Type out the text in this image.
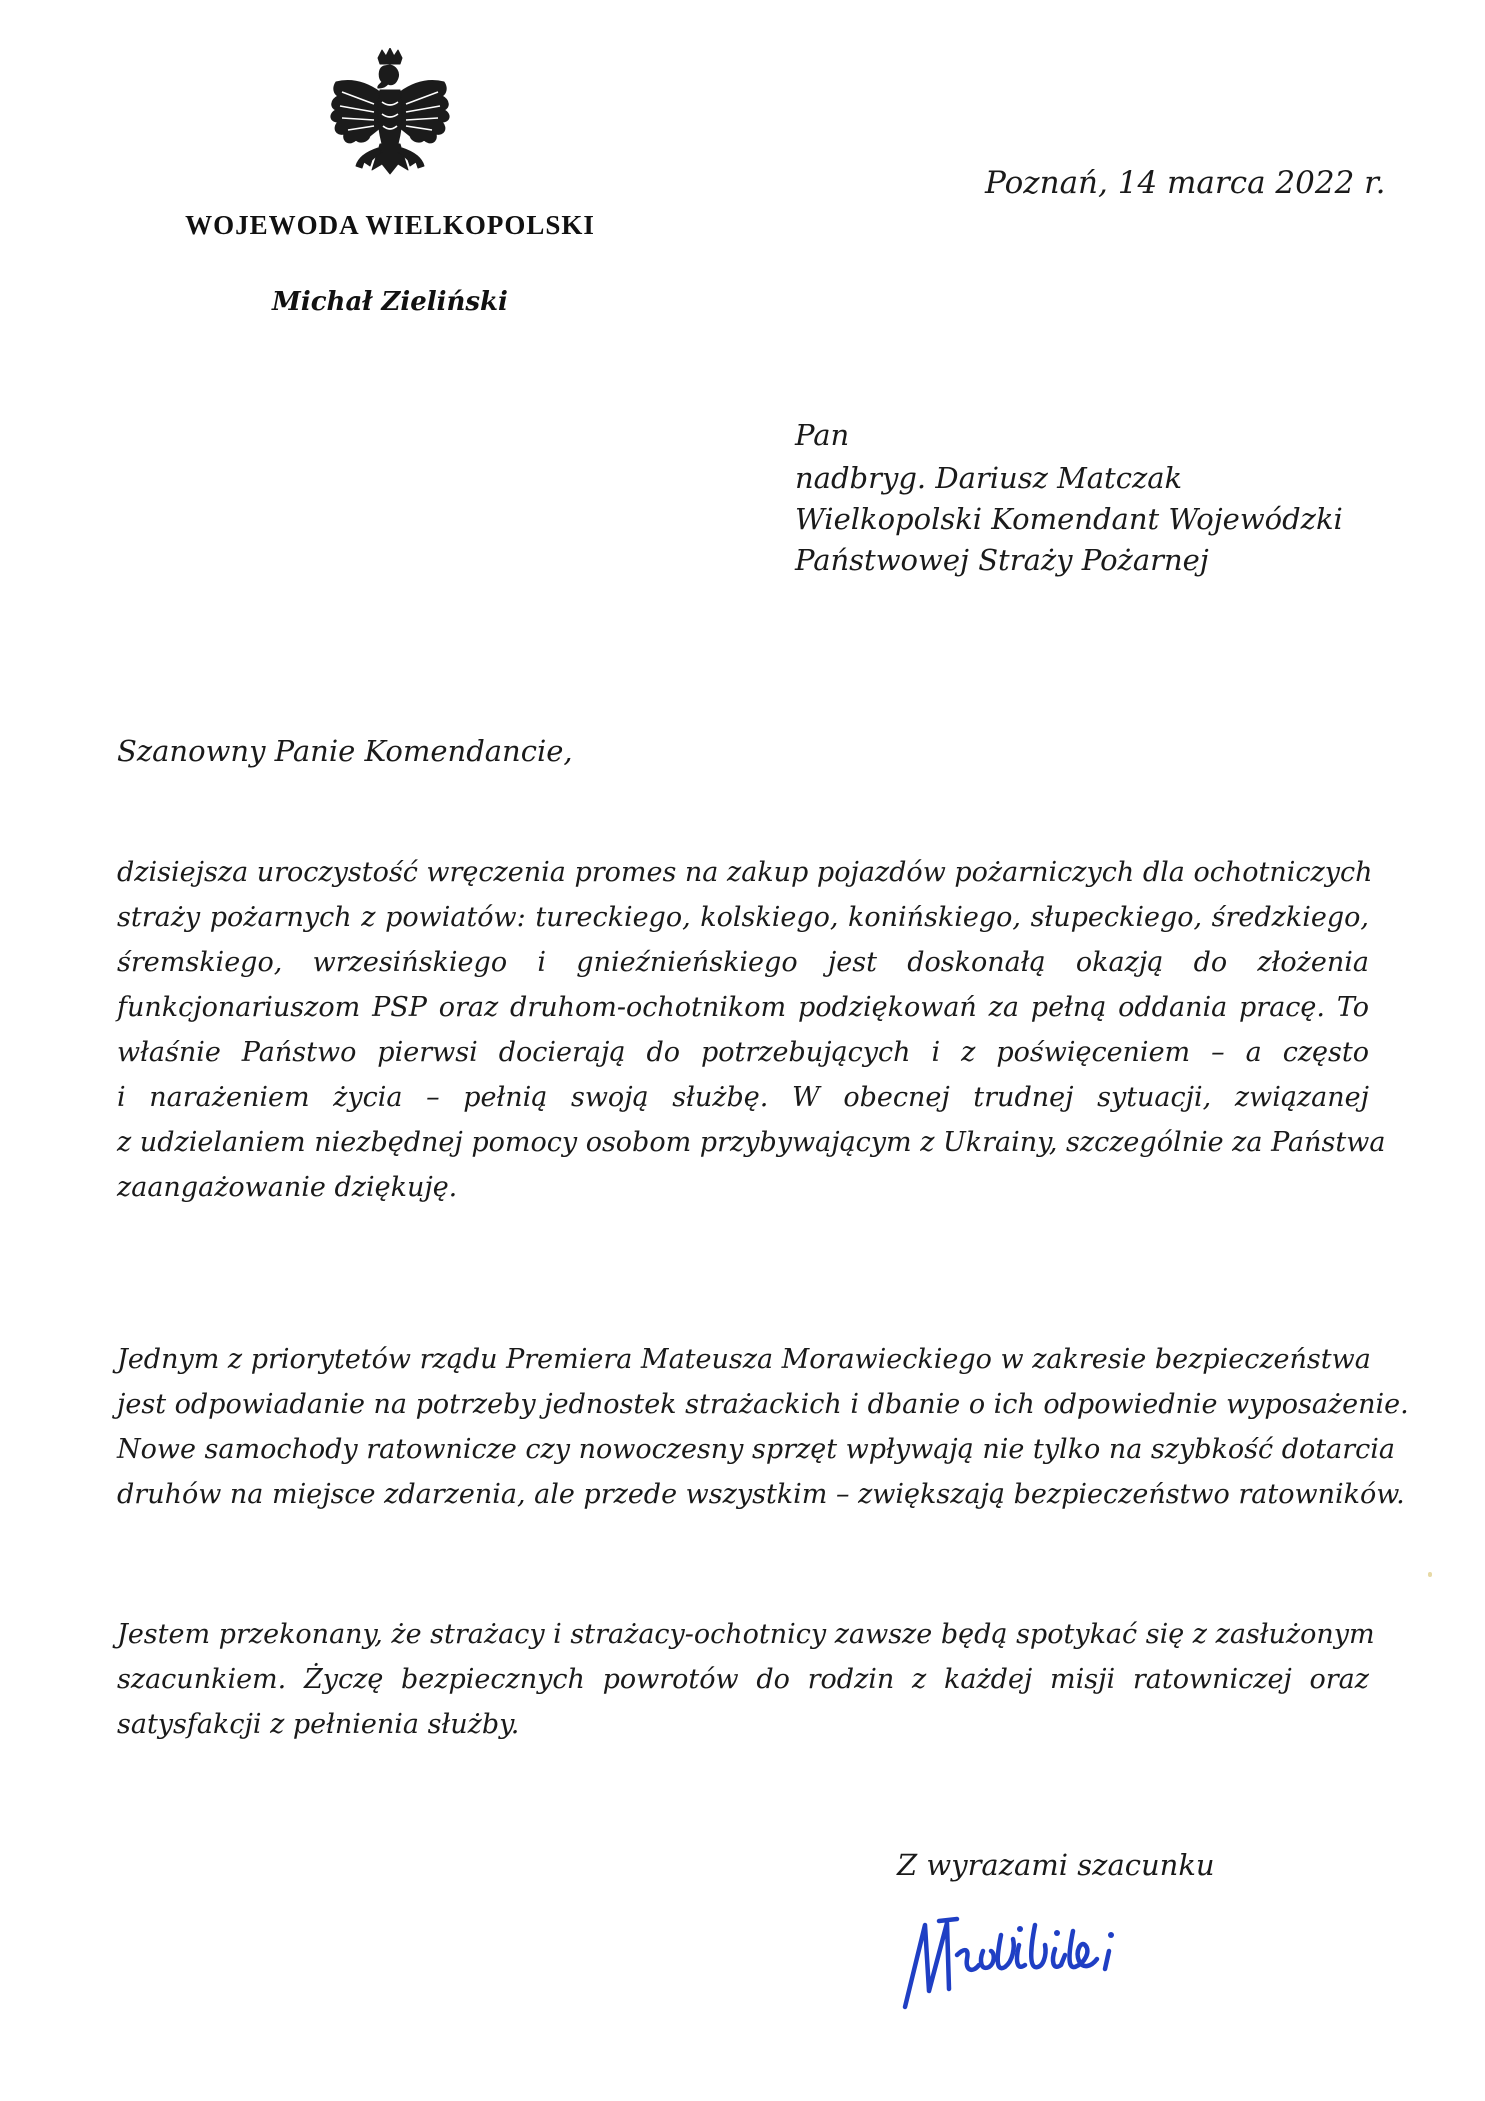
WOJEWODA WIELKOPOLSKI
Michał Zieliński
Poznań, 14 marca 2022 r.
Pan
nadbryg. Dariusz Matczak
Wielkopolski Komendant Wojewódzki
Państwowej Straży Pożarnej
Szanowny Panie Komendancie,
dzisiejsza uroczystość wręczenia promes na zakup pojazdów pożarniczych dla ochotniczych
straży pożarnych z powiatów: tureckiego, kolskiego, konińskiego, słupeckiego, średzkiego,
śremskiego, wrzesińskiego i gnieźnieńskiego jest doskonałą okazją do złożenia
funkcjonariuszom PSP oraz druhom-ochotnikom podziękowań za pełną oddania pracę. To
właśnie Państwo pierwsi docierają do potrzebujących i z poświęceniem – a często
i narażeniem życia – pełnią swoją służbę. W obecnej trudnej sytuacji, związanej
z udzielaniem niezbędnej pomocy osobom przybywającym z Ukrainy, szczególnie za Państwa
zaangażowanie dziękuję.
Jednym z priorytetów rządu Premiera Mateusza Morawieckiego w zakresie bezpieczeństwa
jest odpowiadanie na potrzeby jednostek strażackich i dbanie o ich odpowiednie wyposażenie.
Nowe samochody ratownicze czy nowoczesny sprzęt wpływają nie tylko na szybkość dotarcia
druhów na miejsce zdarzenia, ale przede wszystkim – zwiększają bezpieczeństwo ratowników.
Jestem przekonany, że strażacy i strażacy-ochotnicy zawsze będą spotykać się z zasłużonym
szacunkiem. Życzę bezpiecznych powrotów do rodzin z każdej misji ratowniczej oraz
satysfakcji z pełnienia służby.
Z wyrazami szacunku
